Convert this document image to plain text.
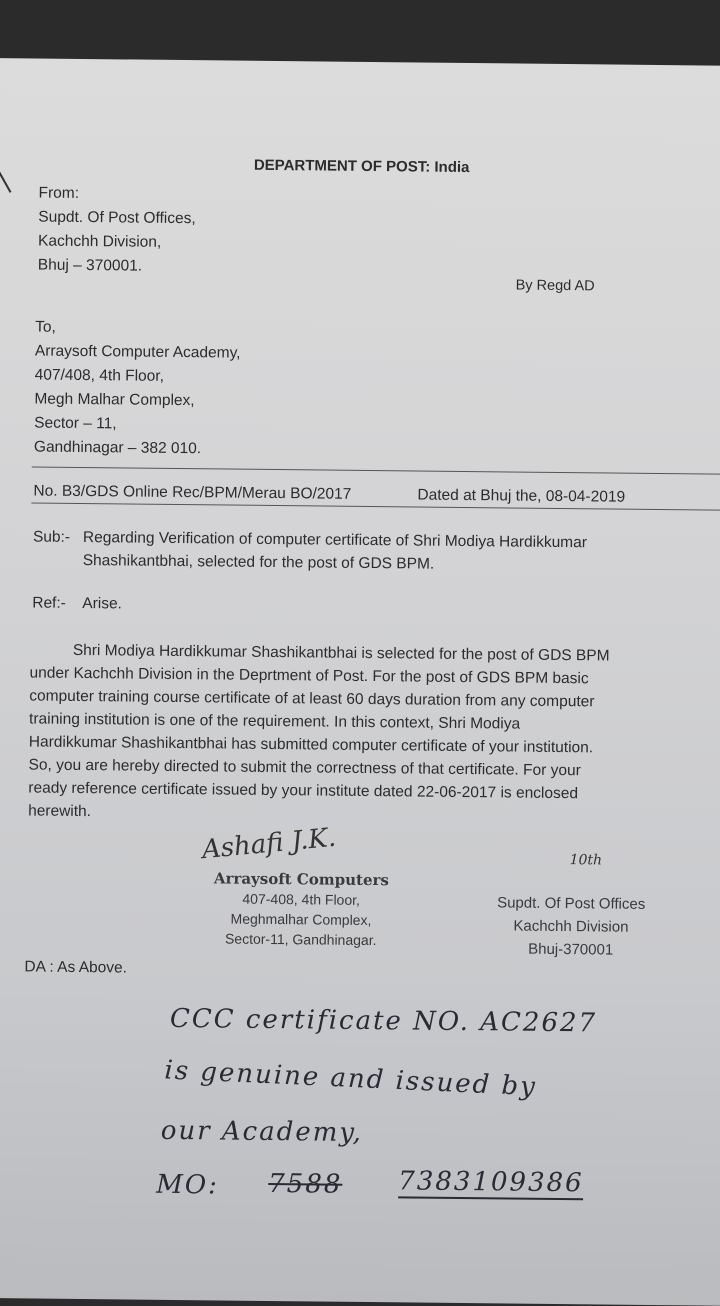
DEPARTMENT OF POST: India
From:
Supdt. Of Post Offices,
Kachchh Division,
Bhuj – 370001.
By Regd AD
To,
Arraysoft Computer Academy,
407/408, 4th Floor,
Megh Malhar Complex,
Sector – 11,
Gandhinagar – 382 010.
No. B3/GDS Online Rec/BPM/Merau BO/2017	Dated at Bhuj the, 08-04-2019
Sub:- Regarding Verification of computer certificate of Shri Modiya Hardikkumar
Shashikantbhai, selected for the post of GDS BPM.
Ref:- Arise.
Shri Modiya Hardikkumar Shashikantbhai is selected for the post of GDS BPM
under Kachchh Division in the Deprtment of Post. For the post of GDS BPM basic
computer training course certificate of at least 60 days duration from any computer
training institution is one of the requirement. In this context, Shri Modiya
Hardikkumar Shashikantbhai has submitted computer certificate of your institution.
So, you are hereby directed to submit the correctness of that certificate. For your
ready reference certificate issued by your institute dated 22-06-2017 is enclosed
herewith.
Ashafi J.K.
Arraysoft Computers
407-408, 4th Floor,
Meghmalhar Complex,
Sector-11, Gandhinagar.
10th
Supdt. Of Post Offices
Kachchh Division
Bhuj-370001
DA : As Above.
CCC certificate NO. AC2627
is genuine and issued by
our Academy,
MO: 7588 7383109386
